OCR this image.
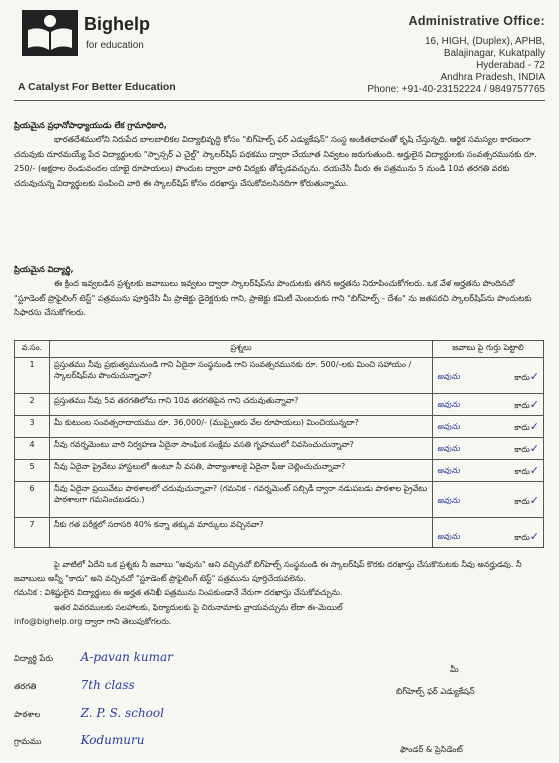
Bighelp
for education
A Catalyst For Better Education
Administrative Office:
16, HIGH, (Duplex), APHB,
Balajinagar, Kukatpally
Hyderabad - 72
Andhra Pradesh, INDIA
Phone: +91-40-23152224 / 9849757765
ప్రియమైన ప్రధానోపాధ్యాయుడు లేక గ్రామాధికారి,
భారతదేశములోని నిరుపేద బాలబాలికల విద్యాభివృద్ధి కోసం "బిగ్‌హెల్ప్ ఫర్ ఎడ్యుకేషన్" సంస్థ అంకితభావంతో కృషి చేస్తున్నది. ఆర్థిక సమస్యల కారణంగా చదువుకు దూరమయ్యే పేద విద్యార్థులకు "స్పాన్సర్ ఎ చైల్డ్" స్కాలర్‌షిప్ పథకము ద్వారా చేయూత నివ్వటం జరుగుతుంది. అర్హులైన విద్యార్థులకు సంవత్సరమునకు రూ. 250/- (అక్షరాల రెండువందల యాభై రూపాయలు) పొందుట ద్వారా వారి విద్యకు తోడ్పడవచ్చును. దయచేసి మీరు ఈ పత్రమును 5 నుండి 10వ తరగతి వరకు చదువుచున్న విద్యార్థులకు పంపించి వారి ఈ స్కాలర్‌షిప్ కోసం దరఖాస్తు చేసుకోవలసినదిగా కోరుతున్నాము.
ప్రియమైన విద్యార్థి,
ఈ క్రింద ఇవ్వబడిన ప్రశ్నలకు జవాబులు ఇవ్వటం ద్వారా స్కాలర్‌షిప్‌ను పొందుటకు తగిన అర్హతను నిరూపించుకోగలరు. ఒక వేళ అర్హతను పొందినచో "స్టూడెంట్ ప్రొఫైలింగ్ టెస్ట్" పత్రమును పూర్తిచేసి మీ ప్రాజెక్టు డైరెక్టరుకు గాని, ప్రాజెక్టు కమిటీ మెంబరుకు గాని "బిగ్‌హెల్ప్ - దేశం" ను జతపరచి స్కాలర్‌షిప్‌ను పొందుటకు సిఫారసు చేసుకోగలరు.
వ.సం.	ప్రశ్నలు	జవాబు పై గుర్తు పెట్టాలి
1	ప్రస్తుతము నీవు ప్రభుత్వమునుండి గాని ఏదైనా సంస్థనుండి గాని సంవత్సరమునకు రూ. 500/-లకు మించి సహాయం / స్కాలర్‌షిప్‌ను పొందుచున్నావా?	అవును కాదు✓

2	ప్రస్తుతము నీవు 5వ తరగతిలోను గాని 10వ తరగతిపైన గాని చదువుతున్నావా?	అవును కాదు✓

3	మీ కుటుంబ సంవత్సరాదాయము రూ. 36,000/- (ముప్పైఆరు వేల రూపాయలు) మించియున్నదా?	అవును కాదు✓

4	నీవు గవర్నమెంటు వారి నిర్వహణ ఏదైనా సాంఘిక సంక్షేమ వసతి గృహములో నివసించుచున్నావా?	అవును కాదు✓

5	నీవు ఏదైనా ప్రైవేటు హాస్టలులో ఉంటూ నీ వసతి, పాఠ్యాంశాలకై ఏదైనా ఫీజు చెల్లించుచున్నావా?	అవును కాదు✓

6	నీవు ఏదైనా ప్రయివేటు పాఠశాలలో చదువుచున్నావా? (గమనిక - గవర్నమెంట్ సబ్సిడీ ద్వారా నడుపబడు పాఠశాల ప్రైవేటు పాఠశాలగా గమనించబడదు.)	అవును కాదు✓

7	నీకు గత పరీక్షలో సరాసరి 40% కన్నా తక్కువ మార్కులు వచ్చినవా?	అవును కాదు✓
పై వాటిలో ఏదేని ఒక ప్రశ్నకు నీ జవాబు "అవును" అని వచ్చినచో బిగ్‌హెల్ప్ సంస్థనుండి ఈ స్కాలర్‌షిప్ కొరకు దరఖాస్తు చేసుకొనుటకు నీవు అనర్హుడవు. నీ జవాబులు అన్నీ "కాదు" అని వచ్చినచో "స్టూడెంట్ ప్రొఫైలింగ్ టెస్ట్" పత్రమును పూర్తిచేయవలెను.
గమనిక : విశిష్టులైన విద్యార్థులు ఈ అర్హత తనిఖీ పత్రమును నింపకుండానే నేరుగా దరఖాస్తు చేసుకోవచ్చును.
ఇతర వివరములకు సలహాలకు, ఫిర్యాదులకు పై చిరునామాకు వ్రాయవచ్చును లేదా ఈ-మెయిల్
info@bighelp.org ద్వారా గాని తెలుపుకోగలరు.
విద్యార్థి పేరు A-pavan kumar
తరగతి	7th class
పాఠశాల	Z. P. S. school
గ్రామము	Kodumuru
మీ
బిగ్‌హెల్ప్ ఫర్ ఎడ్యుకేషన్
ఫౌండర్ & ప్రెసిడెంట్
